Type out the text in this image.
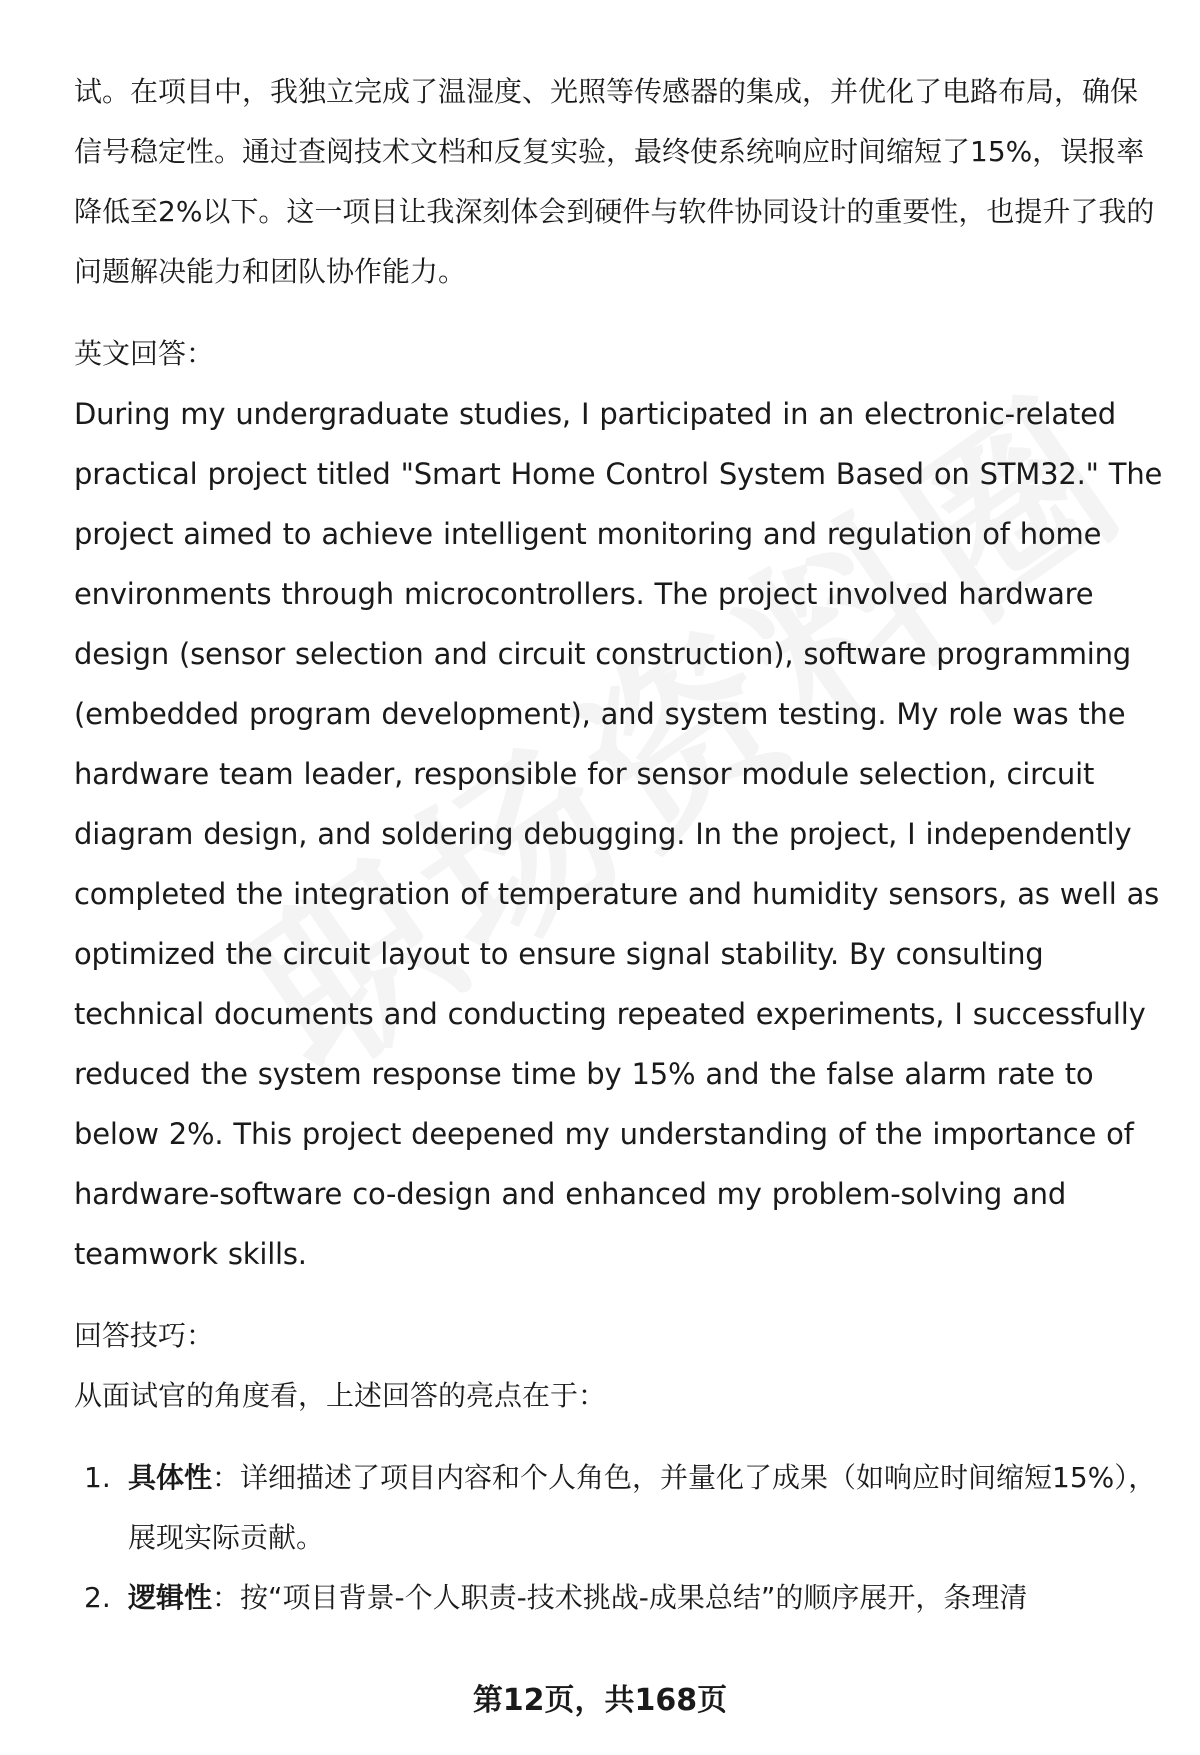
试。在项目中，我独立完成了温湿度、光照等传感器的集成，并优化了电路布局，确保信号稳定性。通过查阅技术文档和反复实验，最终使系统响应时间缩短了15%，误报率降低至2%以下。这一项目让我深刻体会到硬件与软件协同设计的重要性，也提升了我的问题解决能力和团队协作能力。

英文回答：

During my undergraduate studies, I participated in an electronic-related practical project titled "Smart Home Control System Based on STM32." The project aimed to achieve intelligent monitoring and regulation of home environments through microcontrollers. The project involved hardware design (sensor selection and circuit construction), software programming (embedded program development), and system testing. My role was the hardware team leader, responsible for sensor module selection, circuit diagram design, and soldering debugging. In the project, I independently completed the integration of temperature and humidity sensors, as well as optimized the circuit layout to ensure signal stability. By consulting technical documents and conducting repeated experiments, I successfully reduced the system response time by 15% and the false alarm rate to below 2%. This project deepened my understanding of the importance of hardware-software co-design and enhanced my problem-solving and teamwork skills.

回答技巧：

从面试官的角度看，上述回答的亮点在于：

1. 具体性：详细描述了项目内容和个人角色，并量化了成果（如响应时间缩短15%），展现实际贡献。
2. 逻辑性：按“项目背景-个人职责-技术挑战-成果总结”的顺序展开，条理清
第12页，共168页
